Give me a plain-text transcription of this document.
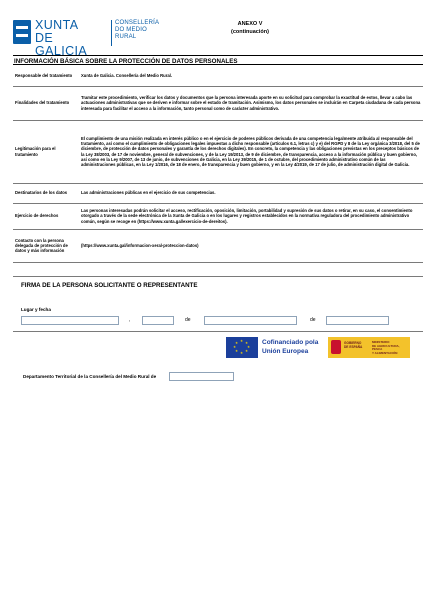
XUNTA
DE GALICIA
CONSELLERÍA
DO MEDIO
RURAL
ANEXO V
(continuación)
INFORMACIÓN BÁSICA SOBRE LA PROTECCIÓN DE DATOS PERSONALES
Responsable del tratamiento	Xunta de Galicia. Consellería del Medio Rural.
Finalidades del tratamiento	Tramitar este procedimiento, verificar los datos y documentos que la persona interesada aporte en su solicitud para comprobar la exactitud de estos, llevar a cabo las actuaciones administrativas que se deriven e informar sobre el estado de tramitación. Asimismo, los datos personales se incluirán en Carpeta ciudadana de cada persona interesada para facilitar el acceso a la información, tanto personal como de carácter administrativo.
Legitimación para el tratamiento	El cumplimiento de una misión realizada en interés público o en el ejercicio de poderes públicos derivada de una competencia legalmente atribuida al responsable del tratamiento, así como el cumplimiento de obligaciones legales impuestas a dicho responsable (artículos 6.1, letras c) y e) del RGPD y 8 de la Ley orgánica 3/2018, del 5 de diciembre, de protección de datos personales y garantía de los derechos digitales). En concreto, la competencia y las obligaciones previstas en los preceptos básicos de la Ley 38/2003, de 17 de noviembre, general de subvenciones, y de la Ley 19/2013, de 9 de diciembre, de transparencia, acceso a la información pública y buen gobierno, así como en la Ley 9/2007, de 13 de junio, de subvenciones de Galicia, en la Ley 39/2015, de 1 de octubre, del procedimiento administrativo común de las administraciones públicas, en la Ley 1/2016, de 18 de enero, de transparencia y buen gobierno, y en la Ley 4/2019, de 17 de julio, de administración digital de Galicia.
Destinatarios de los datos	Las administraciones públicas en el ejercicio de sus competencias.
Ejercicio de derechos	Las personas interesadas podrán solicitar el acceso, rectificación, oposición, limitación, portabilidad y supresión de sus datos o retirar, en su caso, el consentimiento otorgado a través de la sede electrónica de la Xunta de Galicia o en los lugares y registros establecidos en la normativa reguladora del procedimiento administrativo común, según se recoge en (https://www.xunta.gal/exercicio-de-dereitos).
Contacto con la persona delegada de protección de datos y más información	(https://www.xunta.gal/informacion-xeral-proteccion-datos)
FIRMA DE LA PERSONA SOLICITANTE O REPRESENTANTE
Lugar y fecha
,	de	de
★ ★
★
★
★
★
★
★	Cofinanciado pola
Unión Europea
GOBIERNO
DE ESPAÑA
MINISTERIO
DE AGRICULTURA, PESCA
Y ALIMENTACIÓN
Departamento Territorial de la Consellería del Medio Rural de
